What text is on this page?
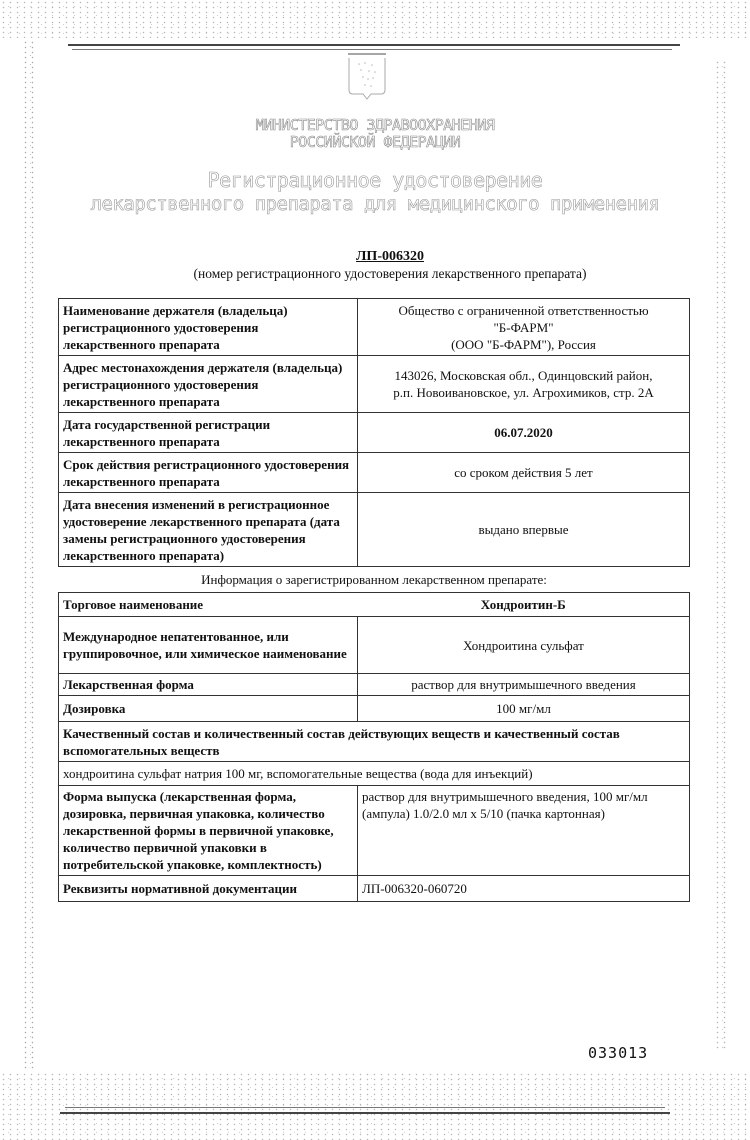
МИНИСТЕРСТВО ЗДРАВООХРАНЕНИЯ
РОССИЙСКОЙ ФЕДЕРАЦИИ
Регистрационное удостоверение
лекарственного препарата для медицинского применения
ЛП-006320
(номер регистрационного удостоверения лекарственного препарата)
Наименование держателя (владельца) регистрационного удостоверения лекарственного препарата	Общество с ограниченной ответственностью
"Б-ФАРМ"
(ООО "Б-ФАРМ"), Россия

Адрес местонахождения держателя (владельца) регистрационного удостоверения лекарственного препарата	143026, Московская обл., Одинцовский район,
р.п. Новоивановское, ул. Агрохимиков, стр. 2А

Дата государственной регистрации лекарственного препарата	06.07.2020
Срок действия регистрационного удостоверения лекарственного препарата	со сроком действия 5 лет
Дата внесения изменений в регистрационное удостоверение лекарственного препарата (дата замены регистрационного удостоверения лекарственного препарата)	выдано впервые
Информация о зарегистрированном лекарственном препарате:	
Торговое наименование	Хондроитин-Б
Международное непатентованное, или группировочное, или химическое наименование	Хондроитина сульфат
Лекарственная форма	раствор для внутримышечного введения
Дозировка	100 мг/мл
Качественный состав и количественный состав действующих веществ и качественный состав вспомогательных веществ	
хондроитина сульфат натрия 100 мг, вспомогательные вещества (вода для инъекций)	
Форма выпуска (лекарственная форма, дозировка, первичная упаковка, количество лекарственной формы в первичной упаковке, количество первичной упаковки в потребительской упаковке, комплектность)	раствор для внутримышечного введения, 100 мг/мл (ампула) 1.0/2.0 мл x 5/10 (пачка картонная)
Реквизиты нормативной документации	ЛП-006320-060720
033013
